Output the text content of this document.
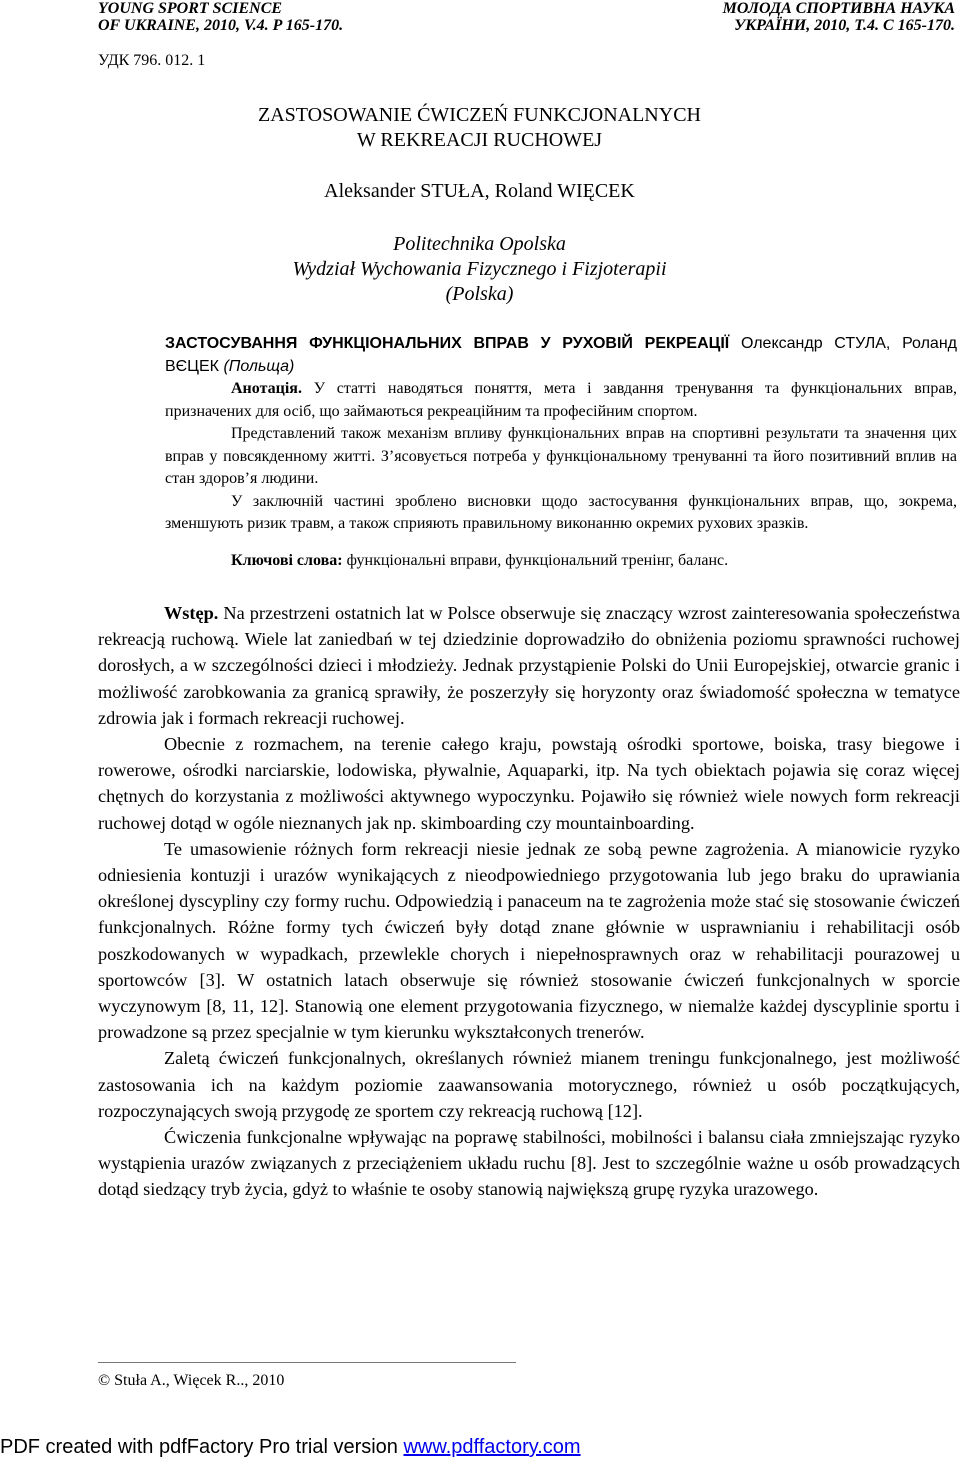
YOUNG SPORT SCIENCE
OF UKRAINE, 2010, V.4. P 165-170.
МОЛОДА СПОРТИВНА НАУКА
УКРАЇНИ, 2010, Т.4. С 165-170.
УДК 796. 012. 1
ZASTOSOWANIE ĆWICZEŃ FUNKCJONALNYCH
W REKREACJI RUCHOWEJ
Aleksander STUŁA, Roland WIĘCEK
Politechnika Opolska
Wydział Wychowania Fizycznego i Fizjoterapii
(Polska)

ЗАСТОСУВАННЯ ФУНКЦІОНАЛЬНИХ ВПРАВ У РУХОВІЙ РЕКРЕАЦІЇ Олександр СТУЛА, Роланд ВЄЦЕК (Польща)

Анотація. У статті наводяться поняття, мета і завдання тренування та функціональних вправ, призначених для осіб, що займаються рекреаційним та професійним спортом.

Представлений також механізм впливу функціональних вправ на спортивні результати та значення цих вправ у повсякденному житті. З’ясовується потреба у функціональному тренуванні та його позитивний вплив на стан здоров’я людини.

У заключній частині зроблено висновки щодо застосування функціональних вправ, що, зокрема, зменшують ризик травм, а також сприяють правильному виконанню окремих рухових зразків.

Ключові слова: функціональні вправи, функціональний тренінг, баланс.

Wstęp. Na przestrzeni ostatnich lat w Polsce obserwuje się znaczący wzrost zainteresowania społeczeństwa rekreacją ruchową. Wiele lat zaniedbań w tej dziedzinie doprowadziło do obniżenia poziomu sprawności ruchowej dorosłych, a w szczególności dzieci i młodzieży. Jednak przystąpienie Polski do Unii Europejskiej, otwarcie granic i możliwość zarobkowania za granicą sprawiły, że poszerzyły się horyzonty oraz świadomość społeczna w tematyce zdrowia jak i formach rekreacji ruchowej.

Obecnie z rozmachem, na terenie całego kraju, powstają ośrodki sportowe, boiska, trasy biegowe i rowerowe, ośrodki narciarskie, lodowiska, pływalnie, Aquaparki, itp. Na tych obiektach pojawia się coraz więcej chętnych do korzystania z możliwości aktywnego wypoczynku. Pojawiło się również wiele nowych form rekreacji ruchowej dotąd w ogóle nieznanych jak np. skimboarding czy mountainboarding.

Te umasowienie różnych form rekreacji niesie jednak ze sobą pewne zagrożenia. A mianowicie ryzyko odniesienia kontuzji i urazów wynikających z nieodpowiedniego przygotowania lub jego braku do uprawiania określonej dyscypliny czy formy ruchu. Odpowiedzią i panaceum na te zagrożenia może stać się stosowanie ćwiczeń funkcjonalnych. Różne formy tych ćwiczeń były dotąd znane głównie w usprawnianiu i rehabilitacji osób poszkodowanych w wypadkach, przewlekle chorych i niepełnosprawnych oraz w rehabilitacji pourazowej u sportowców [3]. W ostatnich latach obserwuje się również stosowanie ćwiczeń funkcjonalnych w sporcie wyczynowym [8, 11, 12]. Stanowią one element przygotowania fizycznego, w niemalże każdej dyscyplinie sportu i prowadzone są przez specjalnie w tym kierunku wykształconych trenerów.

Zaletą ćwiczeń funkcjonalnych, określanych również mianem treningu funkcjonalnego, jest możliwość zastosowania ich na każdym poziomie zaawansowania motorycznego, również u osób początkujących, rozpoczynających swoją przygodę ze sportem czy rekreacją ruchową [12].

Ćwiczenia funkcjonalne wpływając na poprawę stabilności, mobilności i balansu ciała zmniejszając ryzyko wystąpienia urazów związanych z przeciążeniem układu ruchu [8]. Jest to szczególnie ważne u osób prowadzących dotąd siedzący tryb życia, gdyż to właśnie te osoby stanowią największą grupę ryzyka urazowego.

© Stuła A., Więcek R.., 2010
PDF created with pdfFactory Pro trial version www.pdffactory.com
